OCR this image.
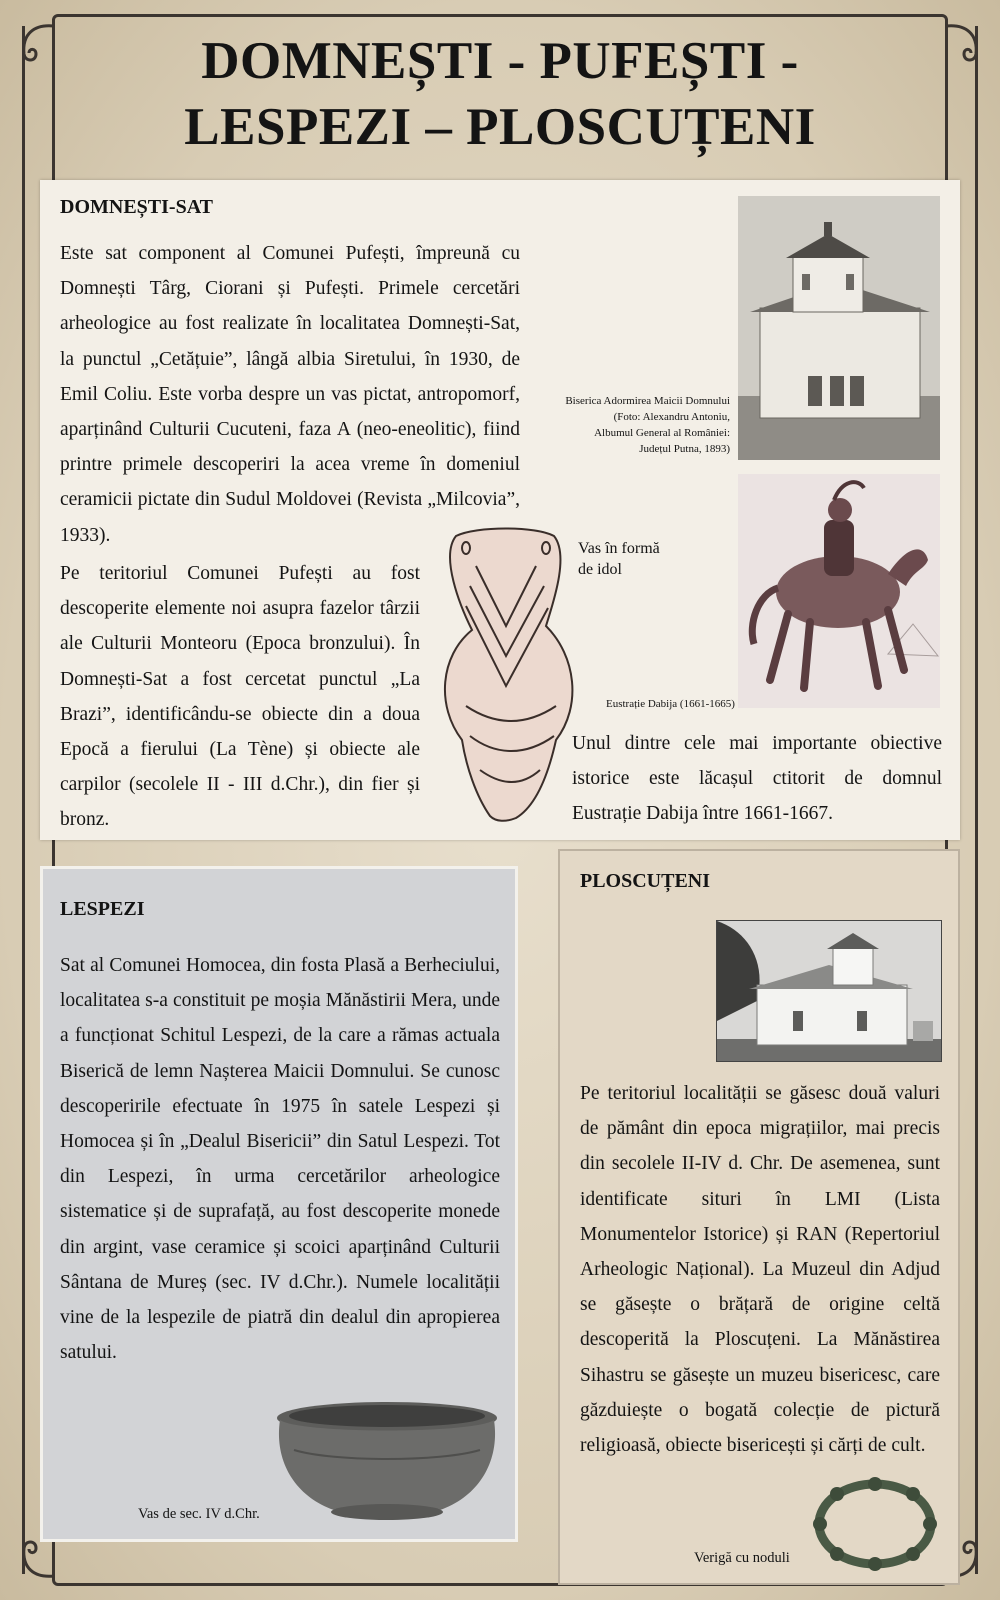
DOMNEȘTI - PUFEȘTI -
LESPEZI – PLOSCUȚENI
DOMNEȘTI-SAT
Este sat component al Comunei Pufești, împreună cu Domnești Târg, Ciorani și Pufești. Primele cercetări arheologice au fost realizate în localitatea Domnești-Sat, la punctul „Cetățuie”, lângă albia Siretului, în 1930, de Emil Coliu. Este vorba despre un vas pictat, antropomorf, aparținând Culturii Cucuteni, faza A (neo-eneolitic), fiind printre primele descoperiri la acea vreme în domeniul ceramicii pictate din Sudul Moldovei (Revista „Milcovia”, 1933).
Pe teritoriul Comunei Pufești au fost descoperite elemente noi asupra fazelor târzii ale Culturii Monteoru (Epoca bronzului). În Domnești-Sat a fost cercetat punctul „La Brazi”, identificându-se obiecte din a doua Epocă a fierului (La Tène) și obiecte ale carpilor (secolele II - III d.Chr.), din fier și bronz.
Biserica Adormirea Maicii Domnului
(Foto: Alexandru Antoniu,
Albumul General al României:
Județul Putna, 1893)
Eustrație Dabija (1661-1665)
Vas în formă
de idol
Unul dintre cele mai importante obiective istorice este lăcașul ctitorit de domnul Eustrație Dabija între 1661-1667.
LESPEZI
Sat al Comunei Homocea, din fosta Plasă a Berheciului, localitatea s-a constituit pe moșia Mănăstirii Mera, unde a funcționat Schitul Lespezi, de la care a rămas actuala Biserică de lemn Nașterea Maicii Domnului. Se cunosc descoperirile efectuate în 1975 în satele Lespezi și Homocea și în „Dealul Bisericii” din Satul Lespezi. Tot din Lespezi, în urma cercetărilor arheologice sistematice și de suprafață, au fost descoperite monede din argint, vase ceramice și scoici aparținând Culturii Sântana de Mureș (sec. IV d.Chr.). Numele localității vine de la lespezile de piatră din dealul din apropierea satului.
Vas de sec. IV d.Chr.
PLOSCUȚENI
Pe teritoriul localității se găsesc două valuri de pământ din epoca migrațiilor, mai precis din secolele II-IV d. Chr. De asemenea, sunt identificate situri în LMI (Lista Monumentelor Istorice) și RAN (Repertoriul Arheologic Național). La Muzeul din Adjud se găsește o brățară de origine celtă descoperită la Ploscuțeni. La Mănăstirea Sihastru se găsește un muzeu bisericesc, care găzduiește o bogată colecție de pictură religioasă, obiecte bisericești și cărți de cult.
Verigă cu noduli
